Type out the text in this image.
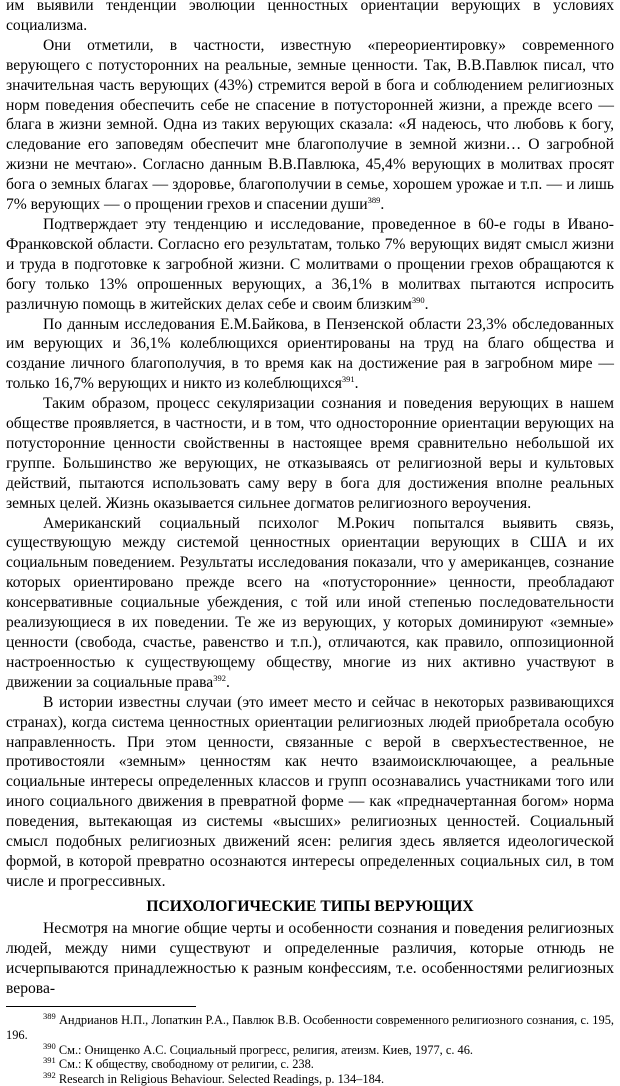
им выявили тенденции эволюции ценностных ориентации верующих в условиях социализма.

Они отметили, в частности, известную «переориентировку» современного верующего с потусторонних на реальные, земные ценности. Так, В.В.Павлюк писал, что значительная часть верующих (43%) стремится верой в бога и соблюдением религиозных норм поведения обеспечить себе не спасение в потусторонней жизни, а прежде всего — блага в жизни земной. Одна из таких верующих сказала: «Я надеюсь, что любовь к богу, следование его заповедям обеспечит мне благополучие в земной жизни… О загробной жизни не мечтаю». Согласно данным В.В.Павлюка, 45,4% верующих в молитвах просят бога о земных благах — здоровье, благополучии в семье, хорошем урожае и т.п. — и лишь 7% верующих — о прощении грехов и спасении души$^{389}$.

Подтверждает эту тенденцию и исследование, проведенное в 60-е годы в Ивано-Франковской области. Согласно его результатам, только 7% верующих видят смысл жизни и труда в подготовке к загробной жизни. С молитвами о прощении грехов обращаются к богу только 13% опрошенных верующих, а 36,1% в молитвах пытаются испросить различную помощь в житейских делах себе и своим близким$^{390}$.

По данным исследования Е.М.Байкова, в Пензенской области 23,3% обследованных им верующих и 36,1% колеблющихся ориентированы на труд на благо общества и создание личного благополучия, в то время как на достижение рая в загробном мире — только 16,7% верующих и никто из колеблющихся$^{391}$.

Таким образом, процесс секуляризации сознания и поведения верующих в нашем обществе проявляется, в частности, и в том, что односторонние ориентации верующих на потусторонние ценности свойственны в настоящее время сравнительно небольшой их группе. Большинство же верующих, не отказываясь от религиозной веры и культовых действий, пытаются использовать саму веру в бога для достижения вполне реальных земных целей. Жизнь оказывается сильнее догматов религиозного вероучения.

Американский социальный психолог М.Рокич попытался выявить связь, существующую между системой ценностных ориентации верующих в США и их социальным поведением. Результаты исследования показали, что у американцев, сознание которых ориентировано прежде всего на «потусторонние» ценности, преобладают консервативные социальные убеждения, с той или иной степенью последовательности реализующиеся в их поведении. Те же из верующих, у которых доминируют «земные» ценности (свобода, счастье, равенство и т.п.), отличаются, как правило, оппозиционной настроенностью к существующему обществу, многие из них активно участвуют в движении за социальные права$^{392}$.

В истории известны случаи (это имеет место и сейчас в некоторых развивающихся странах), когда система ценностных ориентации религиозных людей приобретала особую направленность. При этом ценности, связанные с верой в сверхъестественное, не противостояли «земным» ценностям как нечто взаимоисключающее, а реальные социальные интересы определенных классов и групп осознавались участниками того или иного социального движения в превратной форме — как «предначертанная богом» норма поведения, вытекающая из системы «высших» религиозных ценностей. Социальный смысл подобных религиозных движений ясен: религия здесь является идеологической формой, в которой превратно осознаются интересы определенных социальных сил, в том числе и прогрессивных.

ПСИХОЛОГИЧЕСКИЕ ТИПЫ ВЕРУЮЩИХ

Несмотря на многие общие черты и особенности сознания и поведения религиозных людей, между ними существуют и определенные различия, которые отнюдь не исчерпываются принадлежностью к разным конфессиям, т.е. особенностями религиозных верова-

$^{389}$ Андрианов Н.П., Лопаткин Р.А., Павлюк В.В. Особенности современного религиозного сознания, с. 195, 196.

$^{390}$ См.: Онищенко А.С. Социальный прогресс, религия, атеизм. Киев, 1977, с. 46.

$^{391}$ См.: К обществу, свободному от религии, с. 238.

$^{392}$ Research in Religious Behaviour. Selected Readings, p. 134–184.
